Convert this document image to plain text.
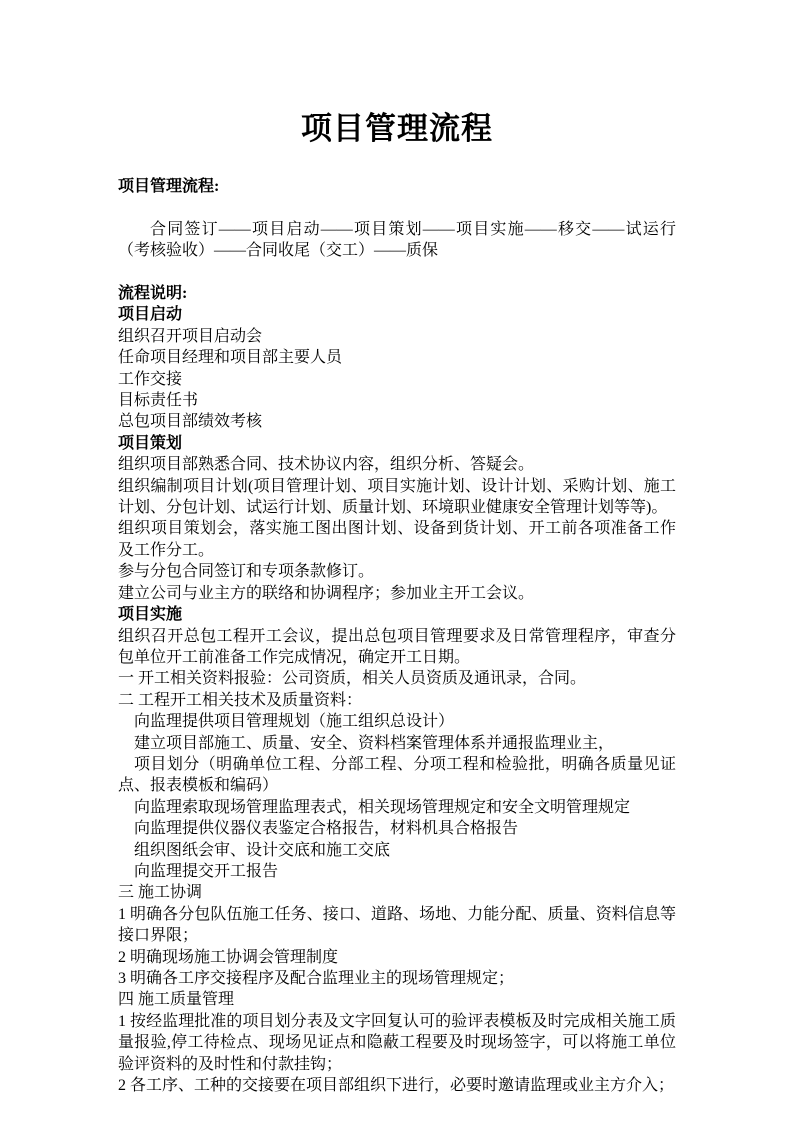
项目管理流程

项目管理流程:

合同签订——项目启动——项目策划——项目实施——移交——试运行（考核验收）——合同收尾（交工）——质保

流程说明:

项目启动

组织召开项目启动会

任命项目经理和项目部主要人员

工作交接

目标责任书

总包项目部绩效考核

项目策划

组织项目部熟悉合同、技术协议内容，组织分析、答疑会。

组织编制项目计划(项目管理计划、项目实施计划、设计计划、采购计划、施工计划、分包计划、试运行计划、质量计划、环境职业健康安全管理计划等等)。

组织项目策划会，落实施工图出图计划、设备到货计划、开工前各项准备工作及工作分工。

参与分包合同签订和专项条款修订。

建立公司与业主方的联络和协调程序；参加业主开工会议。

项目实施

组织召开总包工程开工会议，提出总包项目管理要求及日常管理程序，审查分包单位开工前准备工作完成情况，确定开工日期。

一 开工相关资料报验：公司资质，相关人员资质及通讯录，合同。

二 工程开工相关技术及质量资料：

向监理提供项目管理规划（施工组织总设计）

建立项目部施工、质量、安全、资料档案管理体系并通报监理业主，

项目划分（明确单位工程、分部工程、分项工程和检验批，明确各质量见证点、报表模板和编码）

向监理索取现场管理监理表式，相关现场管理规定和安全文明管理规定

向监理提供仪器仪表鉴定合格报告，材料机具合格报告

组织图纸会审、设计交底和施工交底

向监理提交开工报告

三 施工协调

1 明确各分包队伍施工任务、接口、道路、场地、力能分配、质量、资料信息等接口界限；

2 明确现场施工协调会管理制度

3 明确各工序交接程序及配合监理业主的现场管理规定；

四 施工质量管理

1 按经监理批准的项目划分表及文字回复认可的验评表模板及时完成相关施工质量报验,停工待检点、现场见证点和隐蔽工程要及时现场签字，可以将施工单位验评资料的及时性和付款挂钩；

2 各工序、工种的交接要在项目部组织下进行，必要时邀请监理或业主方介入；
